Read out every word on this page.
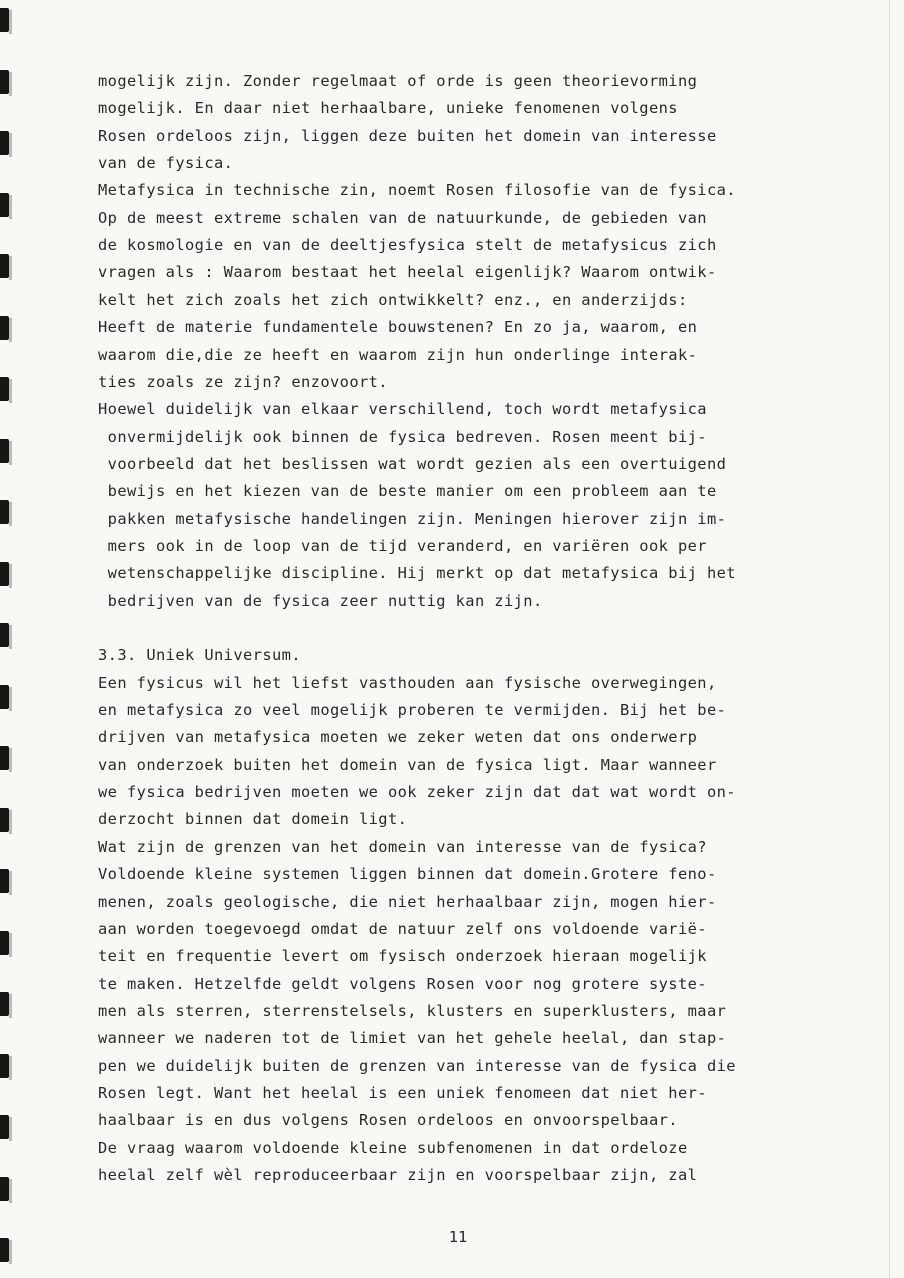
mogelijk zijn. Zonder regelmaat of orde is geen theorievorming
mogelijk. En daar niet herhaalbare, unieke fenomenen volgens
Rosen ordeloos zijn, liggen deze buiten het domein van interesse
van de fysica.
Metafysica in technische zin, noemt Rosen filosofie van de fysica.
Op de meest extreme schalen van de natuurkunde, de gebieden van
de kosmologie en van de deeltjesfysica stelt de metafysicus zich
vragen als : Waarom bestaat het heelal eigenlijk? Waarom ontwik-
kelt het zich zoals het zich ontwikkelt? enz., en anderzijds:
Heeft de materie fundamentele bouwstenen? En zo ja, waarom, en
waarom die,die ze heeft en waarom zijn hun onderlinge interak-
ties zoals ze zijn? enzovoort.
Hoewel duidelijk van elkaar verschillend, toch wordt metafysica
onvermijdelijk ook binnen de fysica bedreven. Rosen meent bij-
voorbeeld dat het beslissen wat wordt gezien als een overtuigend
bewijs en het kiezen van de beste manier om een probleem aan te
pakken metafysische handelingen zijn. Meningen hierover zijn im-
mers ook in de loop van de tijd veranderd, en variëren ook per
wetenschappelijke discipline. Hij merkt op dat metafysica bij het
bedrijven van de fysica zeer nuttig kan zijn.
3.3. Uniek Universum.
Een fysicus wil het liefst vasthouden aan fysische overwegingen,
en metafysica zo veel mogelijk proberen te vermijden. Bij het be-
drijven van metafysica moeten we zeker weten dat ons onderwerp
van onderzoek buiten het domein van de fysica ligt. Maar wanneer
we fysica bedrijven moeten we ook zeker zijn dat dat wat wordt on-
derzocht binnen dat domein ligt.
Wat zijn de grenzen van het domein van interesse van de fysica?
Voldoende kleine systemen liggen binnen dat domein.Grotere feno-
menen, zoals geologische, die niet herhaalbaar zijn, mogen hier-
aan worden toegevoegd omdat de natuur zelf ons voldoende varië-
teit en frequentie levert om fysisch onderzoek hieraan mogelijk
te maken. Hetzelfde geldt volgens Rosen voor nog grotere syste-
men als sterren, sterrenstelsels, klusters en superklusters, maar
wanneer we naderen tot de limiet van het gehele heelal, dan stap-
pen we duidelijk buiten de grenzen van interesse van de fysica die
Rosen legt. Want het heelal is een uniek fenomeen dat niet her-
haalbaar is en dus volgens Rosen ordeloos en onvoorspelbaar.
De vraag waarom voldoende kleine subfenomenen in dat ordeloze
heelal zelf wèl reproduceerbaar zijn en voorspelbaar zijn, zal
11
